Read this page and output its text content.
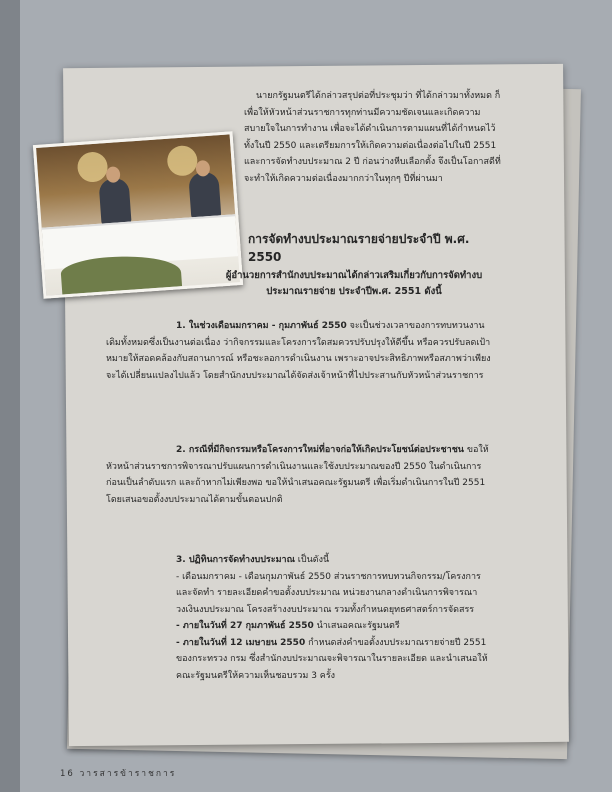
นายกรัฐมนตรีได้กล่าวสรุปต่อที่ประชุมว่า ที่ได้กล่าวมาทั้งหมด ก็เพื่อให้หัวหน้าส่วนราชการทุกท่านมีความชัดเจนและเกิดความสบายใจในการทำงาน เพื่อจะได้ดำเนินการตามแผนที่ได้กำหนดไว้ทั้งในปี 2550 และเตรียมการให้เกิดความต่อเนื่องต่อไปในปี 2551 และการจัดทำงบประมาณ 2 ปี ก่อนว่างหีบเลือกตั้ง จึงเป็นโอกาสดีที่จะทำให้เกิดความต่อเนื่องมากกว่าในทุกๆ ปีที่ผ่านมา
การจัดทำงบประมาณรายจ่ายประจำปี พ.ศ. 2550
ผู้อำนวยการสำนักงบประมาณได้กล่าวเสริมเกี่ยวกับการจัดทำงบประมาณรายจ่าย ประจำปีพ.ศ. 2551 ดังนี้
1. ในช่วงเดือนมกราคม - กุมภาพันธ์ 2550 จะเป็นช่วงเวลาของการทบทวนงานเดิมทั้งหมดซึ่งเป็นงานต่อเนื่อง ว่ากิจกรรมและโครงการใดสมควรปรับปรุงให้ดีขึ้น หรือควรปรับลดเป้าหมายให้สอดคล้องกับสถานการณ์ หรือชะลอการดำเนินงาน เพราะอาจประสิทธิภาพหรือสภาพว่าเพียงจะได้เปลี่ยนแปลงไปแล้ว โดยสำนักงบประมาณได้จัดส่งเจ้าหน้าที่ไปประสานกับหัวหน้าส่วนราชการ
2. กรณีที่มีกิจกรรมหรือโครงการใหม่ที่อาจก่อให้เกิดประโยชน์ต่อประชาชน ขอให้หัวหน้าส่วนราชการพิจารณาปรับแผนการดำเนินงานและใช้งบประมาณของปี 2550 ในดำเนินการก่อนเป็นลำดับแรก และถ้าหากไม่เพียงพอ ขอให้นำเสนอคณะรัฐมนตรี เพื่อเริ่มดำเนินการในปี 2551 โดยเสนอขอตั้งงบประมาณได้ตามขั้นตอนปกติ
3. ปฏิทินการจัดทำงบประมาณ เป็นดังนี้
- เดือนมกราคม - เดือนกุมภาพันธ์ 2550 ส่วนราชการทบทวนกิจกรรม/โครงการ และจัดทำ รายละเอียดคำขอตั้งงบประมาณ หน่วยงานกลางดำเนินการพิจารณาวงเงินงบประมาณ โครงสร้างงบประมาณ รวมทั้งกำหนดยุทธศาสตร์การจัดสรร
- ภายในวันที่ 27 กุมภาพันธ์ 2550 นำเสนอคณะรัฐมนตรี
- ภายในวันที่ 12 เมษายน 2550 กำหนดส่งคำขอตั้งงบประมาณรายจ่ายปี 2551 ของกระทรวง กรม ซึ่งสำนักงบประมาณจะพิจารณาในรายละเอียด และนำเสนอให้คณะรัฐมนตรีให้ความเห็นชอบรวม 3 ครั้ง
16 วารสารข้าราชการ
